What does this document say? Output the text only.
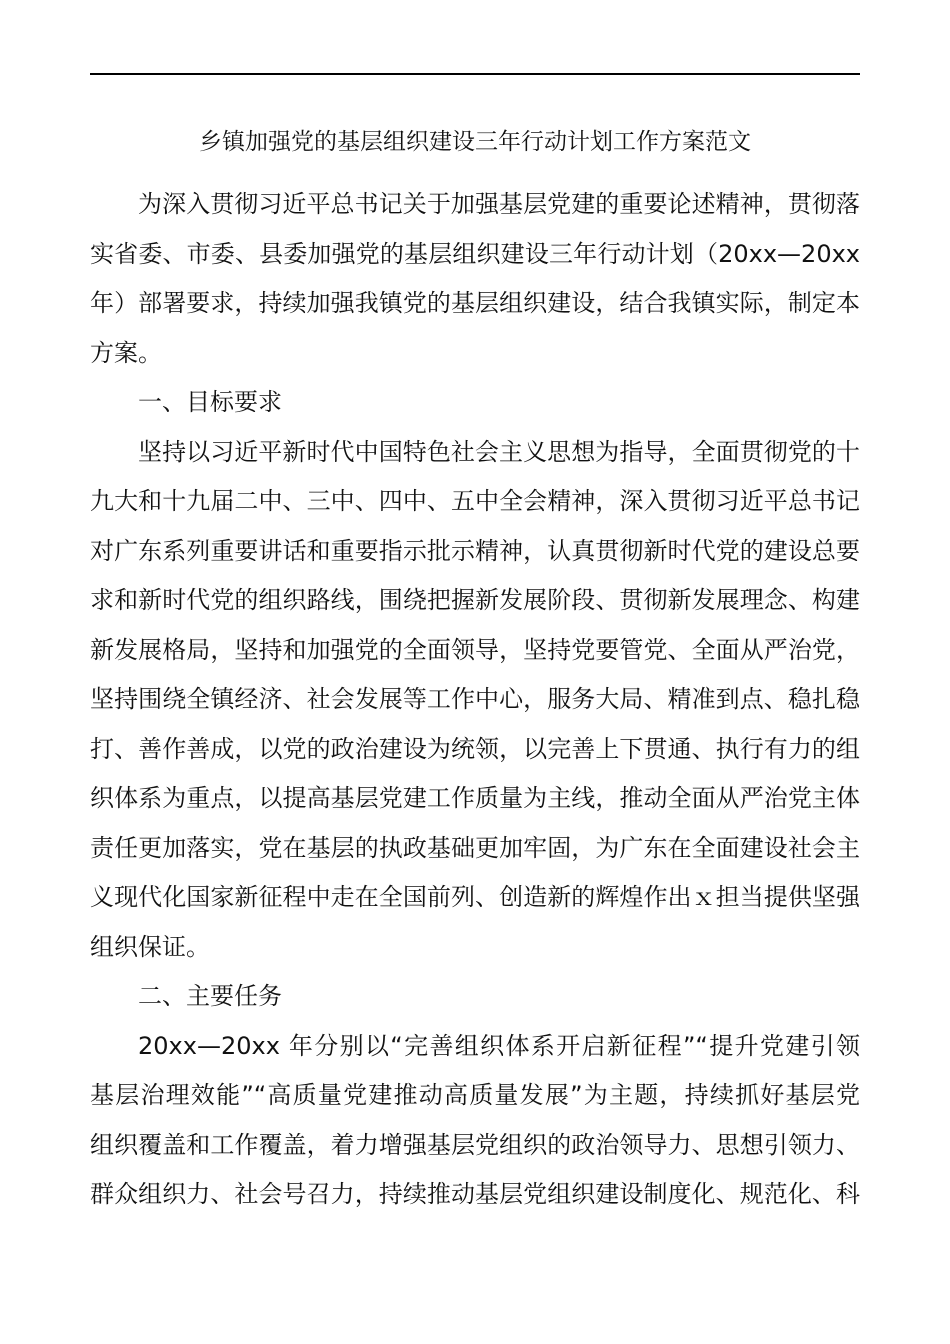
乡镇加强党的基层组织建设三年行动计划工作方案范文
为深入贯彻习近平总书记关于加强基层党建的重要论述精神，贯彻落
实省委、市委、县委加强党的基层组织建设三年行动计划（20xx—20xx
年）部署要求，持续加强我镇党的基层组织建设，结合我镇实际，制定本
方案。
一、目标要求
坚持以习近平新时代中国特色社会主义思想为指导，全面贯彻党的十
九大和十九届二中、三中、四中、五中全会精神，深入贯彻习近平总书记
对广东系列重要讲话和重要指示批示精神，认真贯彻新时代党的建设总要
求和新时代党的组织路线，围绕把握新发展阶段、贯彻新发展理念、构建
新发展格局，坚持和加强党的全面领导，坚持党要管党、全面从严治党，
坚持围绕全镇经济、社会发展等工作中心，服务大局、精准到点、稳扎稳
打、善作善成，以党的政治建设为统领，以完善上下贯通、执行有力的组
织体系为重点，以提高基层党建工作质量为主线，推动全面从严治党主体
责任更加落实，党在基层的执政基础更加牢固，为广东在全面建设社会主
义现代化国家新征程中走在全国前列、创造新的辉煌作出ｘ担当提供坚强
组织保证。
二、主要任务
20xx—20xx 年分别以“完善组织体系开启新征程”“提升党建引领
基层治理效能”“高质量党建推动高质量发展”为主题，持续抓好基层党
组织覆盖和工作覆盖，着力增强基层党组织的政治领导力、思想引领力、
群众组织力、社会号召力，持续推动基层党组织建设制度化、规范化、科
